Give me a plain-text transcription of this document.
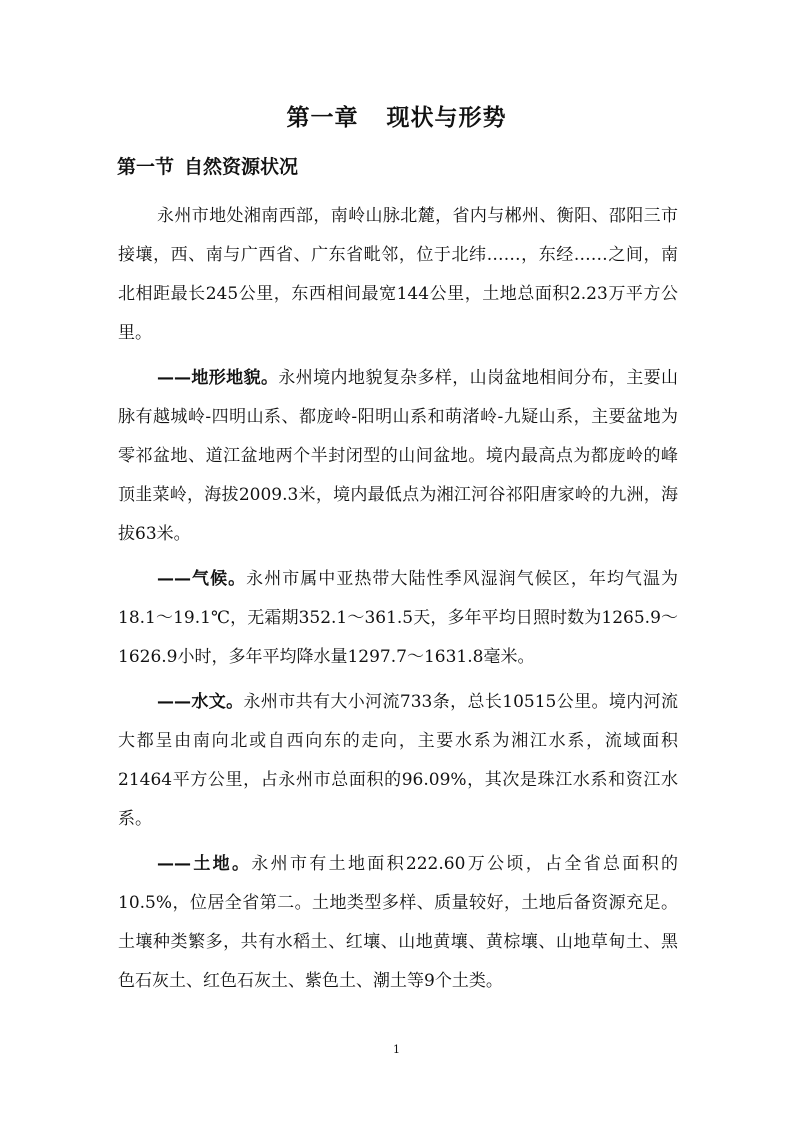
第一章 现状与形势
第一节 自然资源状况

永州市地处湘南西部，南岭山脉北麓，省内与郴州、衡阳、邵阳三市接壤，西、南与广西省、广东省毗邻，位于北纬……，东经……之间，南北相距最长245公里，东西相间最宽144公里，土地总面积2.23万平方公里。

——地形地貌。永州境内地貌复杂多样，山岗盆地相间分布，主要山脉有越城岭-四明山系、都庞岭-阳明山系和萌渚岭-九疑山系，主要盆地为零祁盆地、道江盆地两个半封闭型的山间盆地。境内最高点为都庞岭的峰顶韭菜岭，海拔2009.3米，境内最低点为湘江河谷祁阳唐家岭的九洲，海拔63米。

——气候。永州市属中亚热带大陆性季风湿润气候区，年均气温为18.1～19.1℃，无霜期352.1～361.5天，多年平均日照时数为1265.9～1626.9小时，多年平均降水量1297.7～1631.8毫米。

——水文。永州市共有大小河流733条，总长10515公里。境内河流大都呈由南向北或自西向东的走向，主要水系为湘江水系，流域面积21464平方公里，占永州市总面积的96.09%，其次是珠江水系和资江水系。

——土地。永州市有土地面积222.60万公顷，占全省总面积的10.5%，位居全省第二。土地类型多样、质量较好，土地后备资源充足。土壤种类繁多，共有水稻土、红壤、山地黄壤、黄棕壤、山地草甸土、黑色石灰土、红色石灰土、紫色土、潮土等9个土类。

1
